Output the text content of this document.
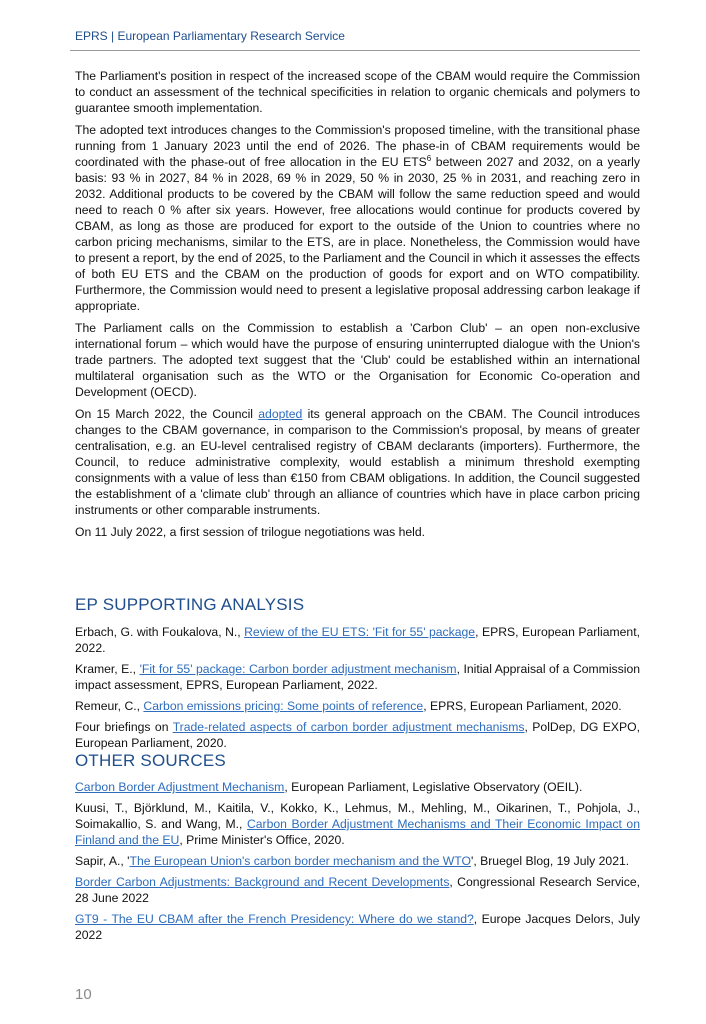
EPRS | European Parliamentary Research Service

The Parliament's position in respect of the increased scope of the CBAM would require the Commission to conduct an assessment of the technical specificities in relation to organic chemicals and polymers to guarantee smooth implementation.

The adopted text introduces changes to the Commission's proposed timeline, with the transitional phase running from 1 January 2023 until the end of 2026. The phase-in of CBAM requirements would be coordinated with the phase-out of free allocation in the EU ETS$^6$ between 2027 and 2032, on a yearly basis: 93 % in 2027, 84 % in 2028, 69 % in 2029, 50 % in 2030, 25 % in 2031, and reaching zero in 2032. Additional products to be covered by the CBAM will follow the same reduction speed and would need to reach 0 % after six years. However, free allocations would continue for products covered by CBAM, as long as those are produced for export to the outside of the Union to countries where no carbon pricing mechanisms, similar to the ETS, are in place. Nonetheless, the Commission would have to present a report, by the end of 2025, to the Parliament and the Council in which it assesses the effects of both EU ETS and the CBAM on the production of goods for export and on WTO compatibility. Furthermore, the Commission would need to present a legislative proposal addressing carbon leakage if appropriate.

The Parliament calls on the Commission to establish a 'Carbon Club' – an open non-exclusive international forum – which would have the purpose of ensuring uninterrupted dialogue with the Union's trade partners. The adopted text suggest that the 'Club' could be established within an international multilateral organisation such as the WTO or the Organisation for Economic Co-operation and Development (OECD).

On 15 March 2022, the Council adopted its general approach on the CBAM. The Council introduces changes to the CBAM governance, in comparison to the Commission's proposal, by means of greater centralisation, e.g. an EU-level centralised registry of CBAM declarants (importers). Furthermore, the Council, to reduce administrative complexity, would establish a minimum threshold exempting consignments with a value of less than €150 from CBAM obligations. In addition, the Council suggested the establishment of a 'climate club' through an alliance of countries which have in place carbon pricing instruments or other comparable instruments.

On 11 July 2022, a first session of trilogue negotiations was held.

EP SUPPORTING ANALYSIS

Erbach, G. with Foukalova, N., Review of the EU ETS: 'Fit for 55' package, EPRS, European Parliament, 2022.

Kramer, E., 'Fit for 55' package: Carbon border adjustment mechanism, Initial Appraisal of a Commission impact assessment, EPRS, European Parliament, 2022.

Remeur, C., Carbon emissions pricing: Some points of reference, EPRS, European Parliament, 2020.

Four briefings on Trade-related aspects of carbon border adjustment mechanisms, PolDep, DG EXPO, European Parliament, 2020.

OTHER SOURCES

Carbon Border Adjustment Mechanism, European Parliament, Legislative Observatory (OEIL).

Kuusi, T., Björklund, M., Kaitila, V., Kokko, K., Lehmus, M., Mehling, M., Oikarinen, T., Pohjola, J., Soimakallio, S. and Wang, M., Carbon Border Adjustment Mechanisms and Their Economic Impact on Finland and the EU, Prime Minister's Office, 2020.

Sapir, A., 'The European Union's carbon border mechanism and the WTO', Bruegel Blog, 19 July 2021.

Border Carbon Adjustments: Background and Recent Developments, Congressional Research Service, 28 June 2022

GT9 - The EU CBAM after the French Presidency: Where do we stand?, Europe Jacques Delors, July 2022

10
